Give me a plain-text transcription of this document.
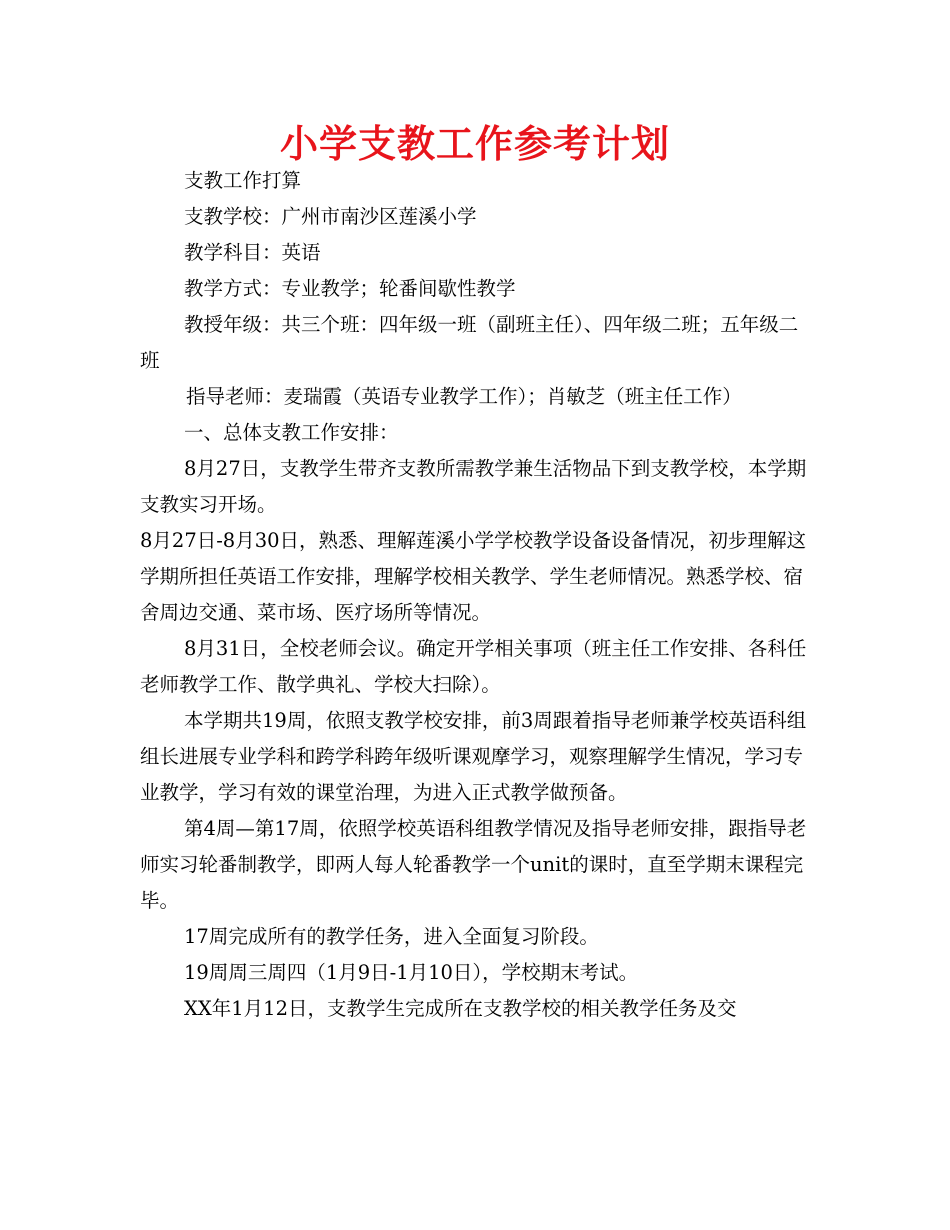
小学支教工作参考计划

支教工作打算

支教学校：广州市南沙区莲溪小学

教学科目：英语

教学方式：专业教学；轮番间歇性教学

教授年级：共三个班：四年级一班（副班主任）、四年级二班；五年级二班

指导老师：麦瑞霞（英语专业教学工作）；肖敏芝（班主任工作）

一、总体支教工作安排：

8月27日，支教学生带齐支教所需教学兼生活物品下到支教学校，本学期支教实习开场。

8月27日-8月30日，熟悉、理解莲溪小学学校教学设备设备情况，初步理解这学期所担任英语工作安排，理解学校相关教学、学生老师情况。熟悉学校、宿舍周边交通、菜市场、医疗场所等情况。

8月31日，全校老师会议。确定开学相关事项（班主任工作安排、各科任老师教学工作、散学典礼、学校大扫除）。

本学期共19周，依照支教学校安排，前3周跟着指导老师兼学校英语科组组长进展专业学科和跨学科跨年级听课观摩学习，观察理解学生情况，学习专业教学，学习有效的课堂治理，为进入正式教学做预备。

第4周—第17周，依照学校英语科组教学情况及指导老师安排，跟指导老师实习轮番制教学，即两人每人轮番教学一个unit的课时，直至学期末课程完毕。

17周完成所有的教学任务，进入全面复习阶段。

19周周三周四（1月9日-1月10日），学校期末考试。

XX年1月12日，支教学生完成所在支教学校的相关教学任务及交
